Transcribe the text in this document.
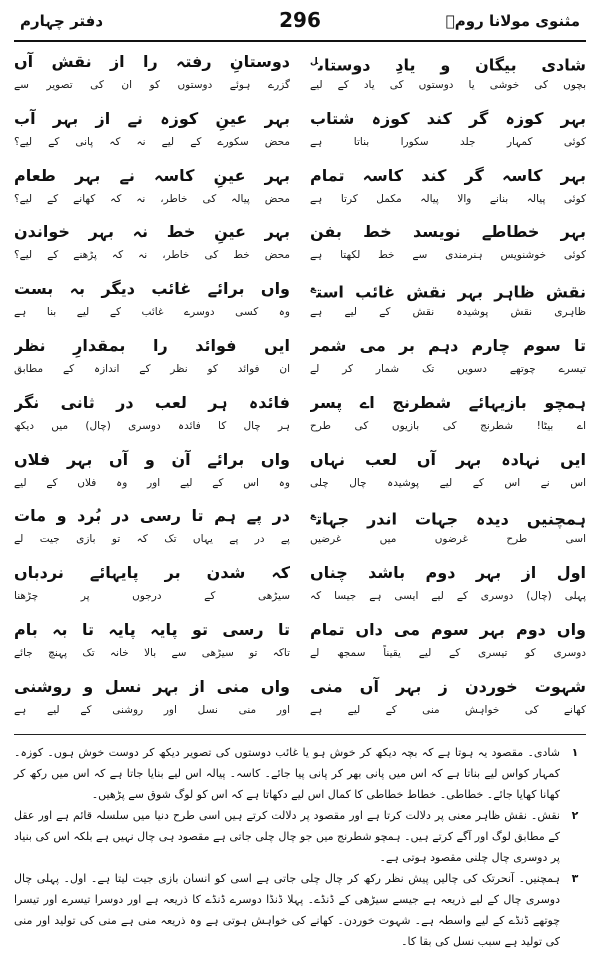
دفتر چہارم	296	مثنوی مولانا رومؒ
شادی بیگان و یادِ دوستاں$^ل$
بچوں کی خوشی یا دوستوں کی یاد کے لیے
بہر کوزہ گر کند کوزہ شتاب
کوئی کمہار جلد سکورا بناتا ہے
بہر کاسہ گر کند کاسہ تمام
کوئی پیالہ بنانے والا پیالہ مکمل کرتا ہے
بہر خطاطے نویسد خط بفن
کوئی خوشنویس ہنرمندی سے خط لکھتا ہے
نقش ظاہر بہر نقش غائب است$^ع$
ظاہری نقش پوشیدہ نقش کے لیے ہے
تا سوم چارم دہم بر می شمر
تیسرے چوتھے دسویں تک شمار کر لے
ہمچو بازیہائے شطرنج اے پسر
اے بیٹا! شطرنج کی بازیوں کی طرح
ایں نہادہ بہر آں لعب نہاں
اس نے اس کے لیے پوشیدہ چال چلی
ہمچنیں دیدہ جہات اندر جہات$^ع$
اسی طرح غرضوں میں غرضیں
اول از بہر دوم باشد چناں
پہلی (چال) دوسری کے لیے ایسی ہے جیسا کہ
واں دوم بہر سوم می داں تمام
دوسری کو تیسری کے لیے یقیناً سمجھ لے
شہوت خوردن ز بہر آں منی
کھانے کی خواہش منی کے لیے ہے
دوستانِ رفتہ را از نقش آں
گزرے ہوئے دوستوں کو ان کی تصویر سے
بہر عینِ کوزہ نے از بہر آب
محض سکورے کے لیے نہ کہ پانی کے لیے؟
بہر عینِ کاسہ نے بہر طعام
محض پیالہ کی خاطر، نہ کہ کھانے کے لیے؟
بہر عینِ خط نہ بہر خواندن
محض خط کی خاطر، نہ کہ پڑھنے کے لیے؟
واں برائے غائب دیگر بہ بست
وہ کسی دوسرے غائب کے لیے بنا ہے
ایں فوائد را بمقدارِ نظر
ان فوائد کو نظر کے اندازہ کے مطابق
فائدہ ہر لعب در ثانی نگر
ہر چال کا فائدہ دوسری (چال) میں دیکھ
واں برائے آن و آں بہر فلاں
وہ اس کے لیے اور وہ فلاں کے لیے
در پے ہم تا رسی در بُرد و مات
پے در پے یہاں تک کہ تو بازی جیت لے
کہ شدن بر پایہائے نردباں
سیڑھی کے درجوں پر چڑھنا
تا رسی تو پایہ پایہ تا بہ بام
تاکہ تو سیڑھی سے بالا خانہ تک پہنچ جائے
واں منی از بہر نسل و روشنی
اور منی نسل اور روشنی کے لیے ہے
۱
شادی۔ مقصود یہ ہوتا ہے کہ بچہ دیکھ کر خوش ہو یا غائب دوستوں کی تصویر دیکھ کر دوست خوش ہوں۔ کوزہ۔ کمہار کواس لیے بناتا ہے کہ اس میں پانی بھر کر پانی پیا جائے۔ کاسہ۔ پیالہ اس لیے بنایا جاتا ہے کہ اس میں رکھ کر کھانا کھایا جائے۔ خطاطی۔ خطاط خطاطی کا کمال اس لیے دکھاتا ہے کہ اس کو لوگ شوق سے پڑھیں۔
۲
نقش۔ نقش ظاہر معنی پر دلالت کرتا ہے اور مقصود پر دلالت کرتے ہیں اسی طرح دنیا میں سلسلہ قائم ہے اور عقل کے مطابق لوگ اور آگے کرتے ہیں۔ ہمچو شطرنج میں جو چال چلی جاتی ہے مقصود ہی چال نہیں ہے بلکہ اس کی بنیاد پر دوسری چال چلنی مقصود ہوتی ہے۔
۳
ہمچنیں۔ آنحرتک کی چالیں پیش نظر رکھ کر چال چلی جاتی ہے اسی کو انسان بازی جیت لیتا ہے۔ اول۔ پہلی چال دوسری چال کے لیے ذریعہ ہے جیسے سیڑھی کے ڈنڈے۔ پہلا ڈنڈا دوسرے ڈنڈے کا ذریعہ ہے اور دوسرا تیسرے اور تیسرا چوتھے ڈنڈے کے لیے واسطہ ہے۔ شہوت خوردن۔ کھانے کی خواہش ہوتی ہے وہ ذریعہ منی ہے منی کی تولید اور منی کی تولید ہے سبب نسل کی بقا کا۔
